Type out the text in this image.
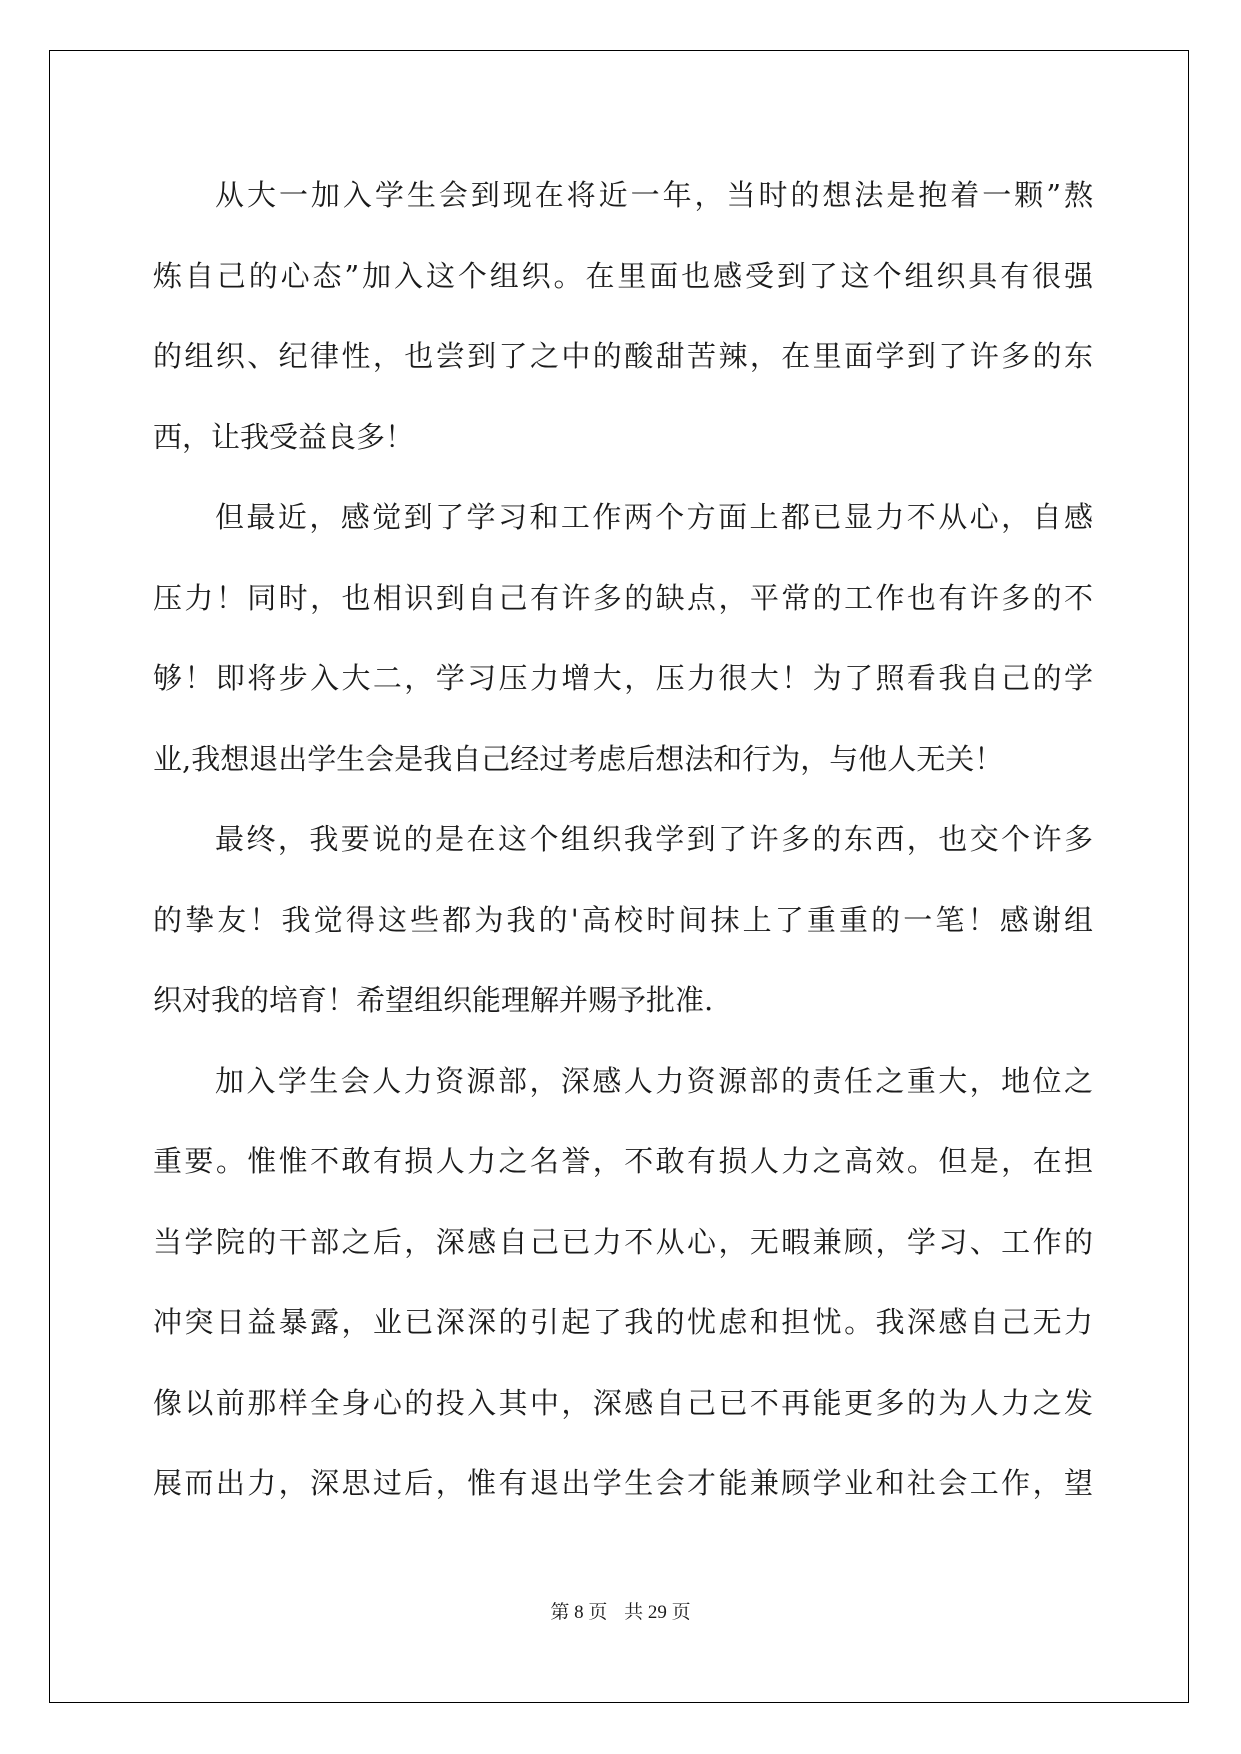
从大一加入学生会到现在将近一年，当时的想法是抱着一颗”熬
炼自己的心态”加入这个组织。在里面也感受到了这个组织具有很强
的组织、纪律性，也尝到了之中的酸甜苦辣，在里面学到了许多的东
西，让我受益良多！
但最近，感觉到了学习和工作两个方面上都已显力不从心，自感
压力！同时，也相识到自己有许多的缺点，平常的工作也有许多的不
够！即将步入大二，学习压力增大，压力很大！为了照看我自己的学
业,我想退出学生会是我自己经过考虑后想法和行为，与他人无关！
最终，我要说的是在这个组织我学到了许多的东西，也交个许多
的挚友！我觉得这些都为我的'高校时间抹上了重重的一笔！感谢组
织对我的培育！希望组织能理解并赐予批准.
加入学生会人力资源部，深感人力资源部的责任之重大，地位之
重要。惟惟不敢有损人力之名誉，不敢有损人力之高效。但是，在担
当学院的干部之后，深感自己已力不从心，无暇兼顾，学习、工作的
冲突日益暴露，业已深深的引起了我的忧虑和担忧。我深感自己无力
像以前那样全身心的投入其中，深感自己已不再能更多的为人力之发
展而出力，深思过后，惟有退出学生会才能兼顾学业和社会工作，望
第 8 页 共 29 页
